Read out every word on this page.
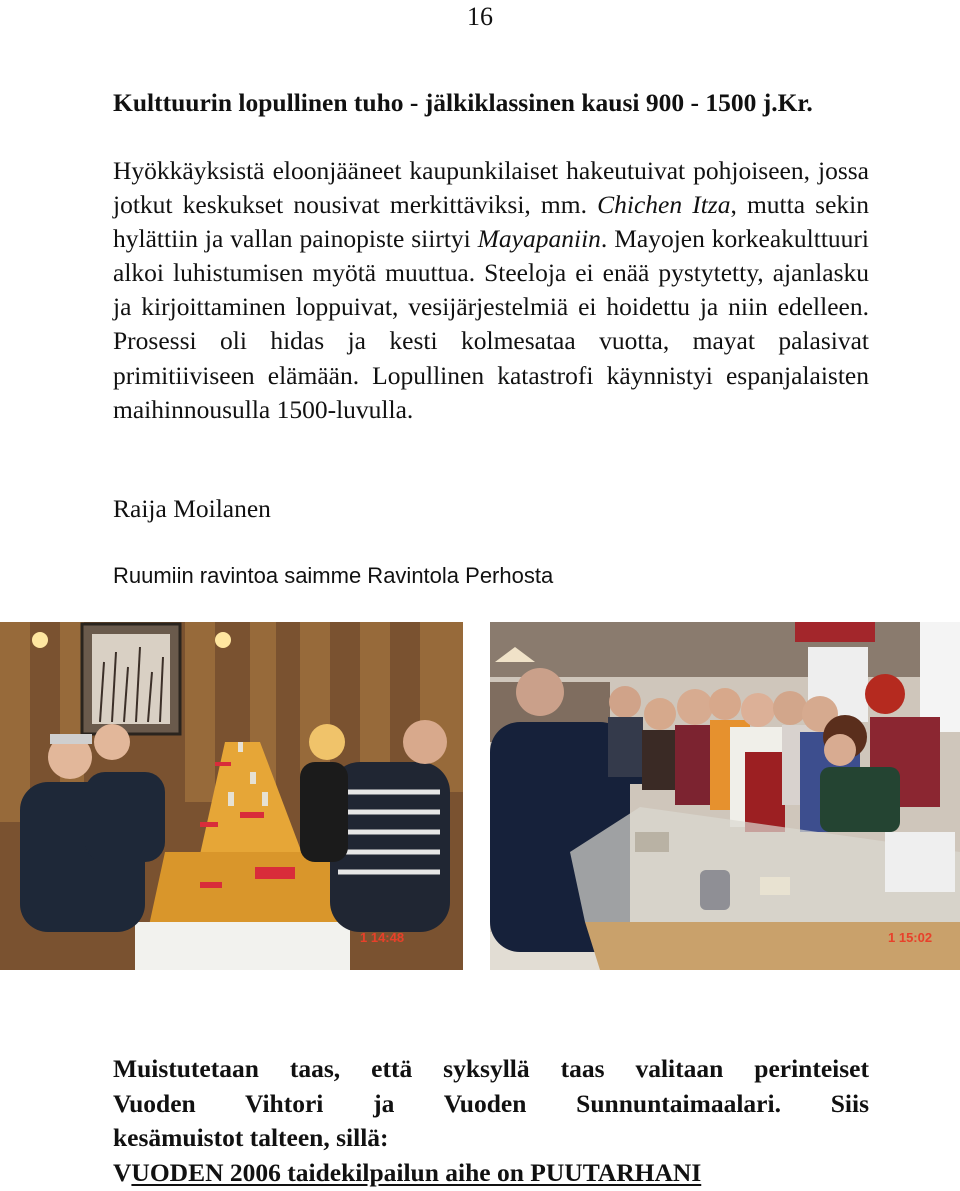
16
Kulttuurin lopullinen tuho - jälkiklassinen kausi 900 - 1500 j.Kr.
Hyökkäyksistä eloonjääneet kaupunkilaiset hakeutuivat pohjoiseen, jossa jotkut keskukset nousivat merkittäviksi, mm. Chichen Itza, mutta sekin hylättiin ja vallan painopiste siirtyi Mayapaniin. Mayojen korkeakulttuuri alkoi luhistumisen myötä muuttua. Steeloja ei enää pystytetty, ajanlasku ja kirjoittaminen loppuivat, vesijärjestelmiä ei hoidettu ja niin edelleen. Prosessi oli hidas ja kesti kolmesataa vuotta, mayat palasivat primitiiviseen elämään. Lopullinen katastrofi käynnistyi espanjalaisten maihinnousulla 1500-luvulla.
Raija Moilanen
Ruumiin ravintoa saimme Ravintola Perhosta
1 14:48	1 15:02

Muistutetaan taas, että syksyllä taas valitaan perinteiset

Vuoden Vihtori ja Vuoden Sunnuntaimaalari. Siis

kesämuistot talteen, sillä:

VUODEN 2006 taidekilpailun aihe on PUUTARHANI
